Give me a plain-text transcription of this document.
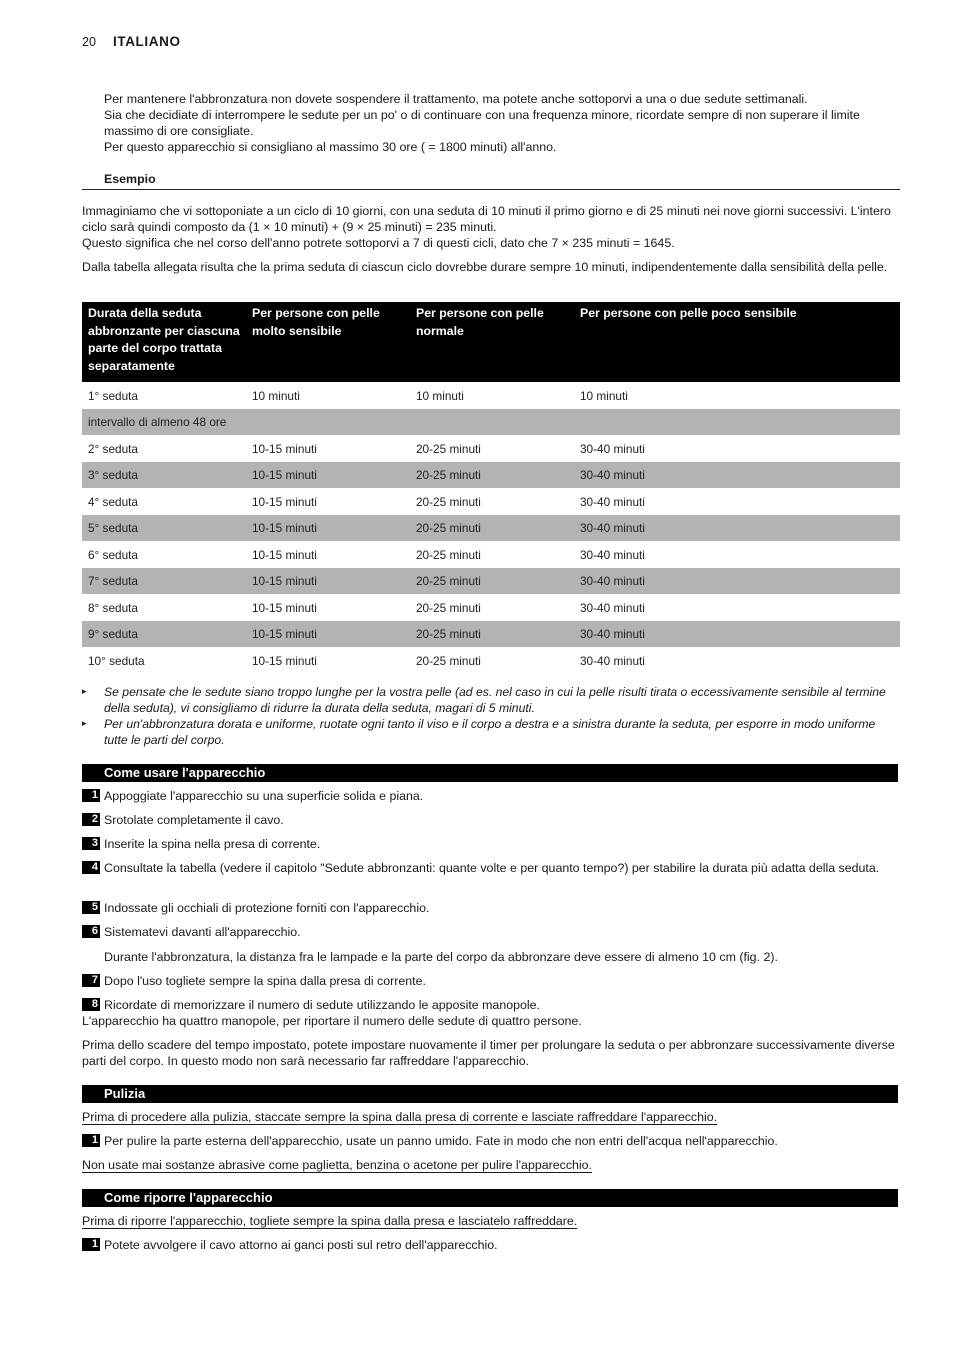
20 ITALIANO
Per mantenere l'abbronzatura non dovete sospendere il trattamento, ma potete anche sottoporvi a una o due sedute settimanali.
Sia che decidiate di interrompere le sedute per un po' o di continuare con una frequenza minore, ricordate sempre di non superare il limite massimo di ore consigliate.
Per questo apparecchio si consigliano al massimo 30 ore ( = 1800 minuti) all'anno.
Esempio
Immaginiamo che vi sottoponiate a un ciclo di 10 giorni, con una seduta di 10 minuti il primo giorno e di 25 minuti nei nove giorni successivi. L'intero ciclo sarà quindi composto da (1 × 10 minuti) + (9 × 25 minuti) = 235 minuti.
Questo significa che nel corso dell'anno potrete sottoporvi a 7 di questi cicli, dato che 7 × 235 minuti = 1645.
Dalla tabella allegata risulta che la prima seduta di ciascun ciclo dovrebbe durare sempre 10 minuti, indipendentemente dalla sensibilità della pelle.
Durata della seduta abbronzante per ciascuna parte del corpo trattata separatamente	Per persone con pelle molto sensibile	Per persone con pelle normale	Per persone con pelle poco sensibile
1° seduta	10 minuti	10 minuti	10 minuti
intervallo di almeno 48 ore			
2° seduta	10-15 minuti	20-25 minuti	30-40 minuti
3° seduta	10-15 minuti	20-25 minuti	30-40 minuti
4° seduta	10-15 minuti	20-25 minuti	30-40 minuti
5° seduta	10-15 minuti	20-25 minuti	30-40 minuti
6° seduta	10-15 minuti	20-25 minuti	30-40 minuti
7° seduta	10-15 minuti	20-25 minuti	30-40 minuti
8° seduta	10-15 minuti	20-25 minuti	30-40 minuti
9° seduta	10-15 minuti	20-25 minuti	30-40 minuti
10° seduta	10-15 minuti	20-25 minuti	30-40 minuti
▸ Se pensate che le sedute siano troppo lunghe per la vostra pelle (ad es. nel caso in cui la pelle risulti tirata o eccessivamente sensibile al termine della seduta), vi consigliamo di ridurre la durata della seduta, magari di 5 minuti.
▸ Per un'abbronzatura dorata e uniforme, ruotate ogni tanto il viso e il corpo a destra e a sinistra durante la seduta, per esporre in modo uniforme tutte le parti del corpo.
Come usare l'apparecchio
1 Appoggiate l'apparecchio su una superficie solida e piana.
2 Srotolate completamente il cavo.
3 Inserite la spina nella presa di corrente.
4 Consultate la tabella (vedere il capitolo "Sedute abbronzanti: quante volte e per quanto tempo?) per stabilire la durata più adatta della seduta.
5 Indossate gli occhiali di protezione forniti con l'apparecchio.
6 Sistematevi davanti all'apparecchio.
Durante l'abbronzatura, la distanza fra le lampade e la parte del corpo da abbronzare deve essere di almeno 10 cm (fig. 2).
7 Dopo l'uso togliete sempre la spina dalla presa di corrente.
8 Ricordate di memorizzare il numero di sedute utilizzando le apposite manopole.
L'apparecchio ha quattro manopole, per riportare il numero delle sedute di quattro persone.
Prima dello scadere del tempo impostato, potete impostare nuovamente il timer per prolungare la seduta o per abbronzare successivamente diverse parti del corpo. In questo modo non sarà necessario far raffreddare l'apparecchio.
Pulizia
Prima di procedere alla pulizia, staccate sempre la spina dalla presa di corrente e lasciate raffreddare l'apparecchio.
1 Per pulire la parte esterna dell'apparecchio, usate un panno umido. Fate in modo che non entri dell'acqua nell'apparecchio.
Non usate mai sostanze abrasive come paglietta, benzina o acetone per pulire l'apparecchio.
Come riporre l'apparecchio
Prima di riporre l'apparecchio, togliete sempre la spina dalla presa e lasciatelo raffreddare.
1 Potete avvolgere il cavo attorno ai ganci posti sul retro dell'apparecchio.
